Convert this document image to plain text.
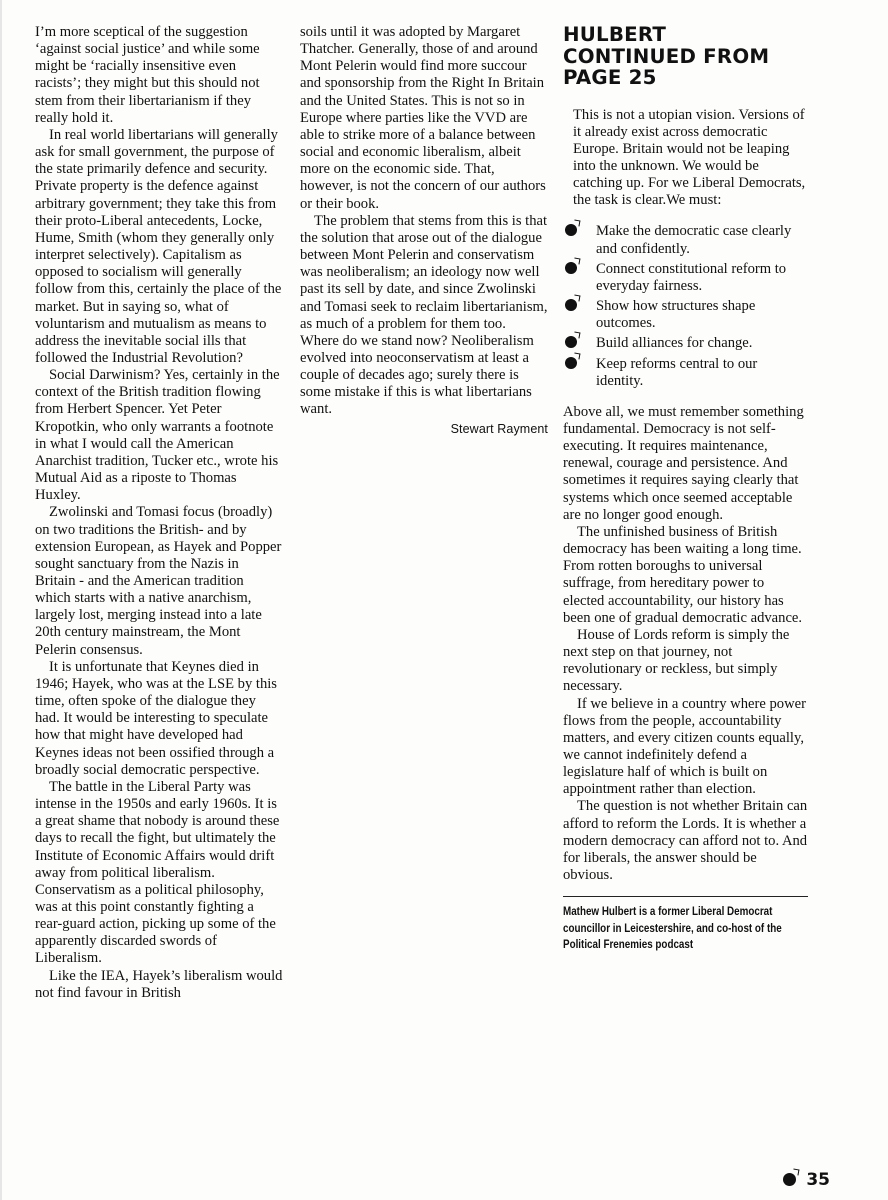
I’m more sceptical of the suggestion ‘against social justice’ and while some might be ‘racially insensitive even racists’; they might but this should not stem from their libertarianism if they really hold it.

In real world libertarians will generally ask for small government, the purpose of the state primarily defence and security. Private property is the defence against arbitrary government; they take this from their proto-Liberal antecedents, Locke, Hume, Smith (whom they generally only interpret selectively). Capitalism as opposed to socialism will generally follow from this, certainly the place of the market. But in saying so, what of voluntarism and mutualism as means to address the inevitable social ills that followed the Industrial Revolution?

Social Darwinism? Yes, certainly in the context of the British tradition flowing from Herbert Spencer. Yet Peter Kropotkin, who only warrants a footnote in what I would call the American Anarchist tradition, Tucker etc., wrote his Mutual Aid as a riposte to Thomas Huxley.

Zwolinski and Tomasi focus (broadly) on two traditions the British- and by extension European, as Hayek and Popper sought sanctuary from the Nazis in Britain - and the American tradition which starts with a native anarchism, largely lost, merging instead into a late 20th century mainstream, the Mont Pelerin consensus.

It is unfortunate that Keynes died in 1946; Hayek, who was at the LSE by this time, often spoke of the dialogue they had. It would be interesting to speculate how that might have developed had Keynes ideas not been ossified through a broadly social democratic perspective.

The battle in the Liberal Party was intense in the 1950s and early 1960s. It is a great shame that nobody is around these days to recall the fight, but ultimately the Institute of Economic Affairs would drift away from political liberalism. Conservatism as a political philosophy, was at this point constantly fighting a rear-guard action, picking up some of the apparently discarded swords of Liberalism.

Like the IEA, Hayek’s liberalism would not find favour in British

soils until it was adopted by Margaret Thatcher. Generally, those of and around Mont Pelerin would find more succour and sponsorship from the Right In Britain and the United States. This is not so in Europe where parties like the VVD are able to strike more of a balance between social and economic liberalism, albeit more on the economic side. That, however, is not the concern of our authors or their book.

The problem that stems from this is that the solution that arose out of the dialogue between Mont Pelerin and conservatism was neoliberalism; an ideology now well past its sell by date, and since Zwolinski and Tomasi seek to reclaim libertarianism, as much of a problem for them too. Where do we stand now? Neoliberalism evolved into neoconservatism at least a couple of decades ago; surely there is some mistake if this is what libertarians want.

Stewart Rayment
HULBERT
CONTINUED FROM
PAGE 25

This is not a utopian vision. Versions of it already exist across democratic Europe. Britain would not be leaping into the unknown. We would be catching up. For we Liberal Democrats, the task is clear.We must:

Make the democratic case clearly and confidently.
Connect constitutional reform to everyday fairness.
Show how structures shape outcomes.
Build alliances for change.
Keep reforms central to our identity.

Above all, we must remember something fundamental. Democracy is not self-executing. It requires maintenance, renewal, courage and persistence. And sometimes it requires saying clearly that systems which once seemed acceptable are no longer good enough.

The unfinished business of British democracy has been waiting a long time. From rotten boroughs to universal suffrage, from hereditary power to elected accountability, our history has been one of gradual democratic advance.

House of Lords reform is simply the next step on that journey, not revolutionary or reckless, but simply necessary.

If we believe in a country where power flows from the people, accountability matters, and every citizen counts equally, we cannot indefinitely defend a legislature half of which is built on appointment rather than election.

The question is not whether Britain can afford to reform the Lords. It is whether a modern democracy can afford not to. And for liberals, the answer should be obvious.

Mathew Hulbert is a former Liberal Democrat councillor in Leicestershire, and co-host of the Political Frenemies podcast
35
